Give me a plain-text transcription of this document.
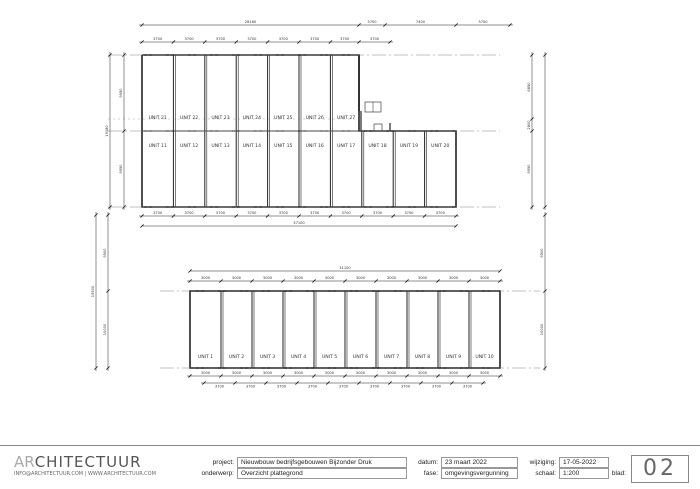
UNIT 21	UNIT 22	UNIT 23	UNIT 24	UNIT 25	UNIT 26	UNIT 27
UNIT 11	UNIT 12	UNIT 13	UNIT 14	UNIT 15	UNIT 16	UNIT 17	UNIT 18	UNIT 19	UNIT 20
28160	3700	7400	3700
3700	3700	3700	3700	3700	3700	3700	3700
3700	3700	3700	3700	3700	3700	3700	3700	3700	3700
37100
9950
9950
19180
6850
2800
9950
UNIT 1	UNIT 2	UNIT 3	UNIT 4	UNIT 5	UNIT 6	UNIT 7	UNIT 8	UNIT 9	UNIT 10
31100
3000	3000	3000	3000	3000	3000	3000	3000	3000	3000
3000	3000	3000	3000	3000	3000	3000	3000	3000	3000
3700	3700	3700	3700	3700	3700	3700	3700	3700
9500
10000
19500
9500
10000
ARCHITECTUUR
INFO@ARCHITECTUUR.COM | WWW.ARCHITECTUUR.COM
project:	Nieuwbouw bedrijfsgebouwen Bijzonder Druk
onderwerp:	Overzicht plattegrond
datum:	23 maart 2022
fase:	omgevingsvergunning
wijziging:	17-05-2022
schaal:	1:200	blad: 02
